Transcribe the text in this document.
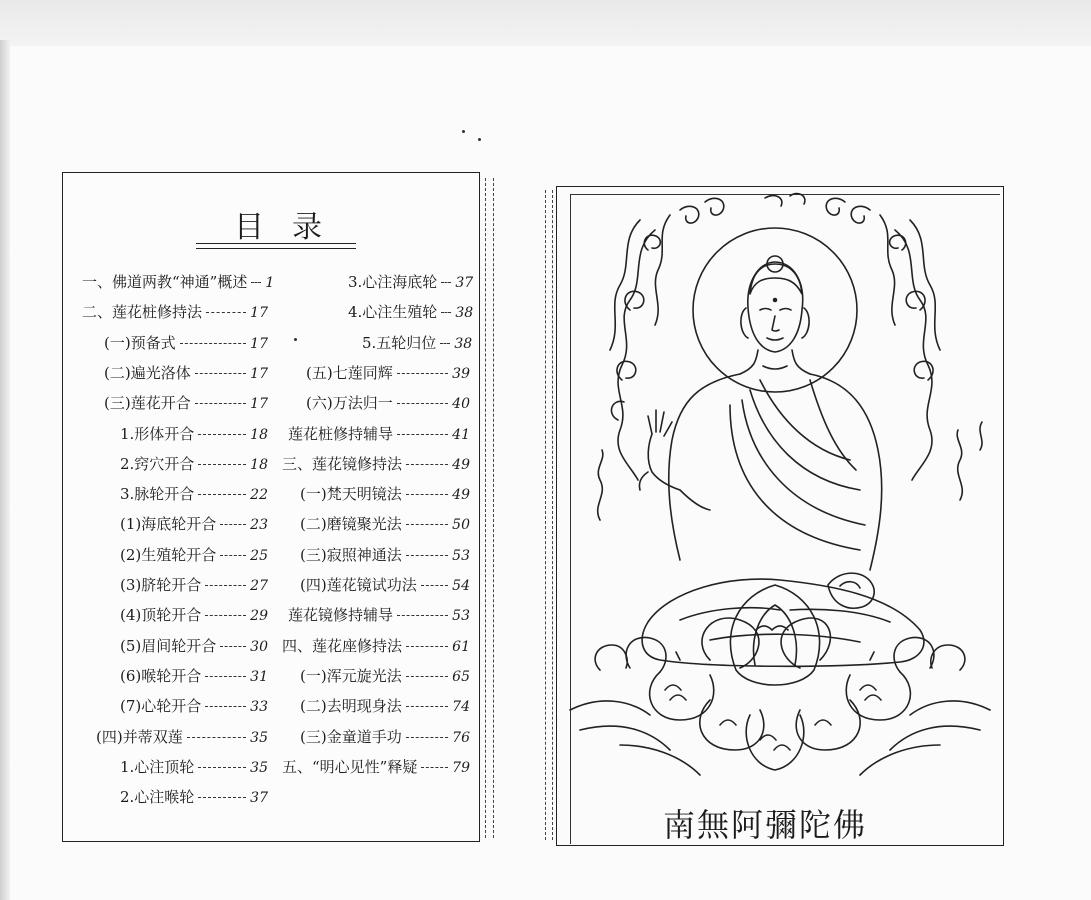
目录
一、佛道两教“神通”概述 1
二、莲花桩修持法	17
(一)预备式	17
(二)遍光洛体	17
(三)莲花开合	17
1.形体开合	18
2.窍穴开合	18
3.脉轮开合	22
(1)海底轮开合 23
(2)生殖轮开合 25
(3)脐轮开合	27
(4)顶轮开合	29
(5)眉间轮开合 30
(6)喉轮开合	31
(7)心轮开合	33
(四)并蒂双莲	35
1.心注顶轮	35
2.心注喉轮	37
3.心注海底轮 37
4.心注生殖轮 38
5.五轮归位 38
(五)七莲同辉	39
(六)万法归一	40
莲花桩修持辅导	41
三、莲花镜修持法	49
(一)梵天明镜法	49
(二)磨镜聚光法	50
(三)寂照神通法	53
(四)莲花镜试功法	54
莲花镜修持辅导	53
四、莲花座修持法	61
(一)浑元旋光法	65
(二)去明现身法	74
(三)金童道手功	76
五、“明心见性”释疑 79
南無阿彌陀佛
